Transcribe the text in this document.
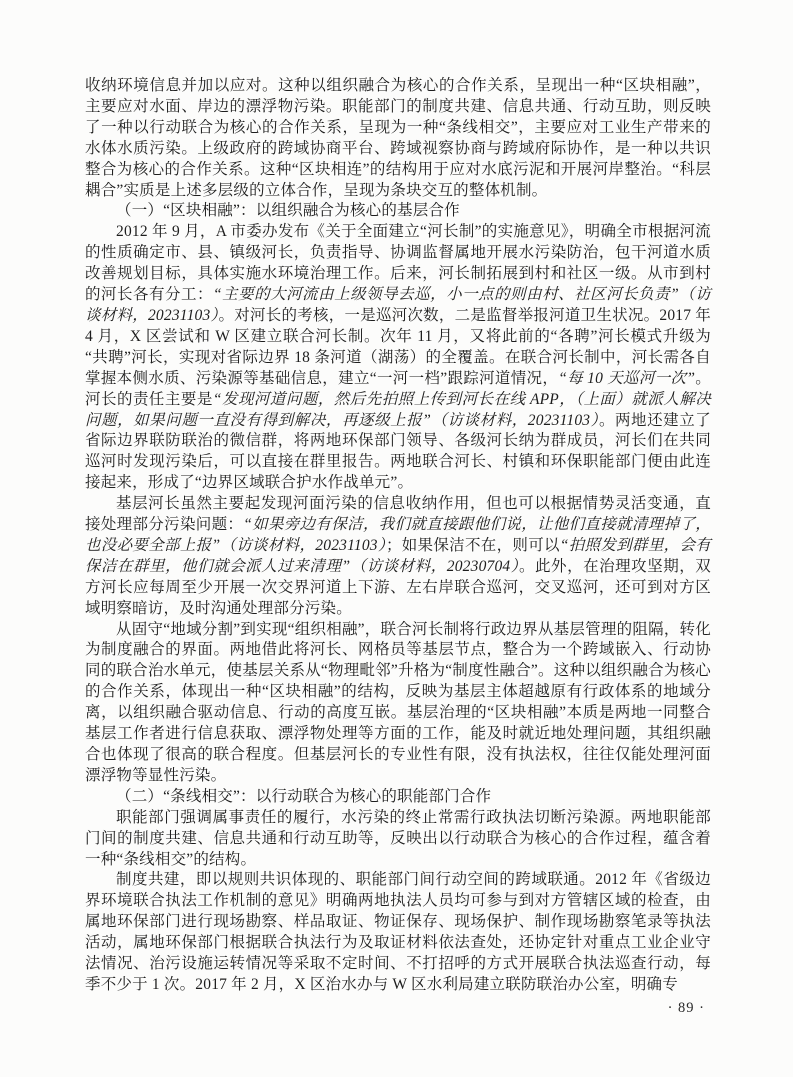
收纳环境信息并加以应对。这种以组织融合为核心的合作关系，呈现出一种“区块相融”，主要应对水面、岸边的漂浮物污染。职能部门的制度共建、信息共通、行动互助，则反映了一种以行动联合为核心的合作关系，呈现为一种“条线相交”，主要应对工业生产带来的水体水质污染。上级政府的跨域协商平台、跨域视察协商与跨域府际协作，是一种以共识整合为核心的合作关系。这种“区块相连”的结构用于应对水底污泥和开展河岸整治。“科层耦合”实质是上述多层级的立体合作，呈现为条块交互的整体机制。

（一）“区块相融”：以组织融合为核心的基层合作

2012 年 9 月，A 市委办发布《关于全面建立“河长制”的实施意见》，明确全市根据河流的性质确定市、县、镇级河长，负责指导、协调监督属地开展水污染防治，包干河道水质改善规划目标，具体实施水环境治理工作。后来，河长制拓展到村和社区一级。从市到村的河长各有分工：“主要的大河流由上级领导去巡，小一点的则由村、社区河长负责”（访谈材料，20231103）。对河长的考核，一是巡河次数，二是监督举报河道卫生状况。2017 年 4 月，X 区尝试和 W 区建立联合河长制。次年 11 月，又将此前的“各聘”河长模式升级为“共聘”河长，实现对省际边界 18 条河道（湖荡）的全覆盖。在联合河长制中，河长需各自掌握本侧水质、污染源等基础信息，建立“一河一档”跟踪河道情况，“每 10 天巡河一次”。河长的责任主要是“发现河道问题，然后先拍照上传到河长在线 APP，（上面）就派人解决问题，如果问题一直没有得到解决，再逐级上报”（访谈材料，20231103）。两地还建立了省际边界联防联治的微信群，将两地环保部门领导、各级河长纳为群成员，河长们在共同巡河时发现污染后，可以直接在群里报告。两地联合河长、村镇和环保职能部门便由此连接起来，形成了“边界区域联合护水作战单元”。

基层河长虽然主要起发现河面污染的信息收纳作用，但也可以根据情势灵活变通，直接处理部分污染问题：“如果旁边有保洁，我们就直接跟他们说，让他们直接就清理掉了，也没必要全部上报”（访谈材料，20231103）；如果保洁不在，则可以“拍照发到群里，会有保洁在群里，他们就会派人过来清理”（访谈材料，20230704）。此外，在治理攻坚期，双方河长应每周至少开展一次交界河道上下游、左右岸联合巡河，交叉巡河，还可到对方区域明察暗访，及时沟通处理部分污染。

从固守“地域分割”到实现“组织相融”，联合河长制将行政边界从基层管理的阻隔，转化为制度融合的界面。两地借此将河长、网格员等基层节点，整合为一个跨域嵌入、行动协同的联合治水单元，使基层关系从“物理毗邻”升格为“制度性融合”。这种以组织融合为核心的合作关系，体现出一种“区块相融”的结构，反映为基层主体超越原有行政体系的地域分离，以组织融合驱动信息、行动的高度互嵌。基层治理的“区块相融”本质是两地一同整合基层工作者进行信息获取、漂浮物处理等方面的工作，能及时就近地处理问题，其组织融合也体现了很高的联合程度。但基层河长的专业性有限，没有执法权，往往仅能处理河面漂浮物等显性污染。

（二）“条线相交”：以行动联合为核心的职能部门合作

职能部门强调属事责任的履行，水污染的终止常需行政执法切断污染源。两地职能部门间的制度共建、信息共通和行动互助等，反映出以行动联合为核心的合作过程，蕴含着一种“条线相交”的结构。

制度共建，即以规则共识体现的、职能部门间行动空间的跨域联通。2012 年《省级边界环境联合执法工作机制的意见》明确两地执法人员均可参与到对方管辖区域的检查，由属地环保部门进行现场勘察、样品取证、物证保存、现场保护、制作现场勘察笔录等执法活动，属地环保部门根据联合执法行为及取证材料依法查处，还协定针对重点工业企业守法情况、治污设施运转情况等采取不定时间、不打招呼的方式开展联合执法巡查行动，每季不少于 1 次。2017 年 2 月，X 区治水办与 W 区水利局建立联防联治办公室，明确专

· 89 ·
